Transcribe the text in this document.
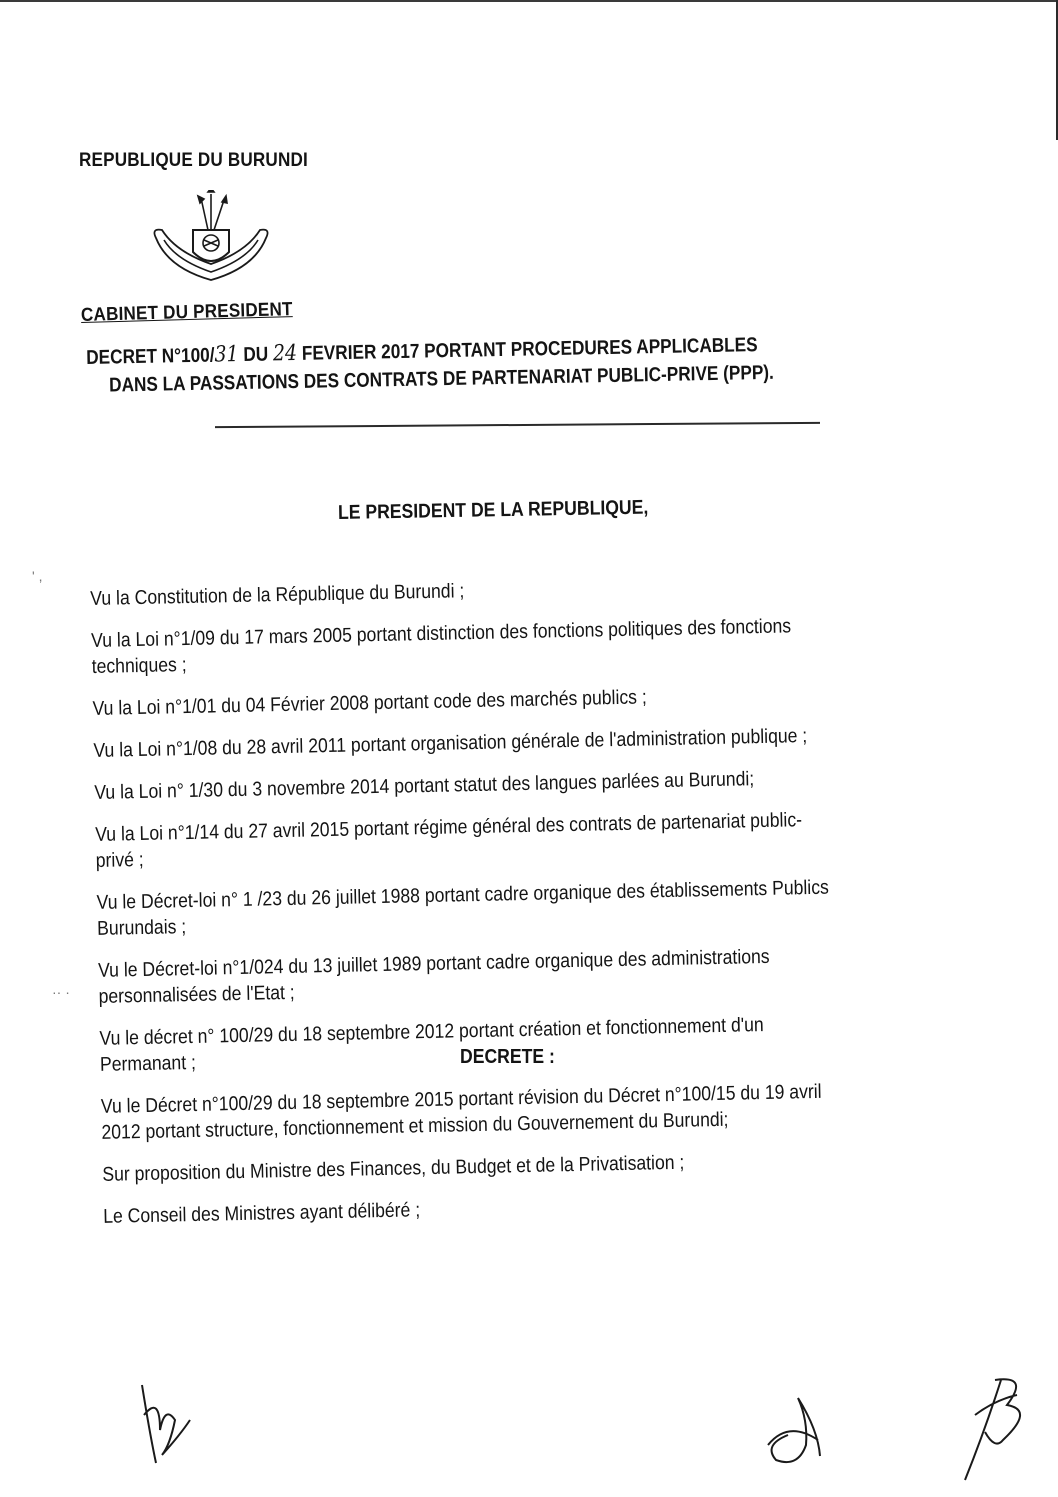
REPUBLIQUE DU BURUNDI
CABINET DU PRESIDENT
DECRET N°100/31 DU 24 FEVRIER 2017 PORTANT PROCEDURES APPLICABLES
DANS LA PASSATIONS DES CONTRATS DE PARTENARIAT PUBLIC-PRIVE (PPP).
LE PRESIDENT DE LA REPUBLIQUE,
' ,
·· ·

Vu la Constitution de la République du Burundi ;

Vu la Loi n°1/09 du 17 mars 2005 portant distinction des fonctions politiques des fonctions
techniques ;

Vu la Loi n°1/01 du 04 Février 2008 portant code des marchés publics ;

Vu la Loi n°1/08 du 28 avril 2011 portant organisation générale de l'administration publique ;

Vu la Loi n° 1/30 du 3 novembre 2014 portant statut des langues parlées au Burundi;

Vu la Loi n°1/14 du 27 avril 2015 portant régime général des contrats de partenariat public-
privé ;

Vu le Décret-loi n° 1 /23 du 26 juillet 1988 portant cadre organique des établissements Publics
Burundais ;

Vu le Décret-loi n°1/024 du 13 juillet 1989 portant cadre organique des administrations
personnalisées de l'Etat ;

Vu le décret n° 100/29 du 18 septembre 2012 portant création et fonctionnement d'un
Permanant ;

Vu le Décret n°100/29 du 18 septembre 2015 portant révision du Décret n°100/15 du 19 avril
2012 portant structure, fonctionnement et mission du Gouvernement du Burundi;

Sur proposition du Ministre des Finances, du Budget et de la Privatisation ;

Le Conseil des Ministres ayant délibéré ;

DECRETE :
